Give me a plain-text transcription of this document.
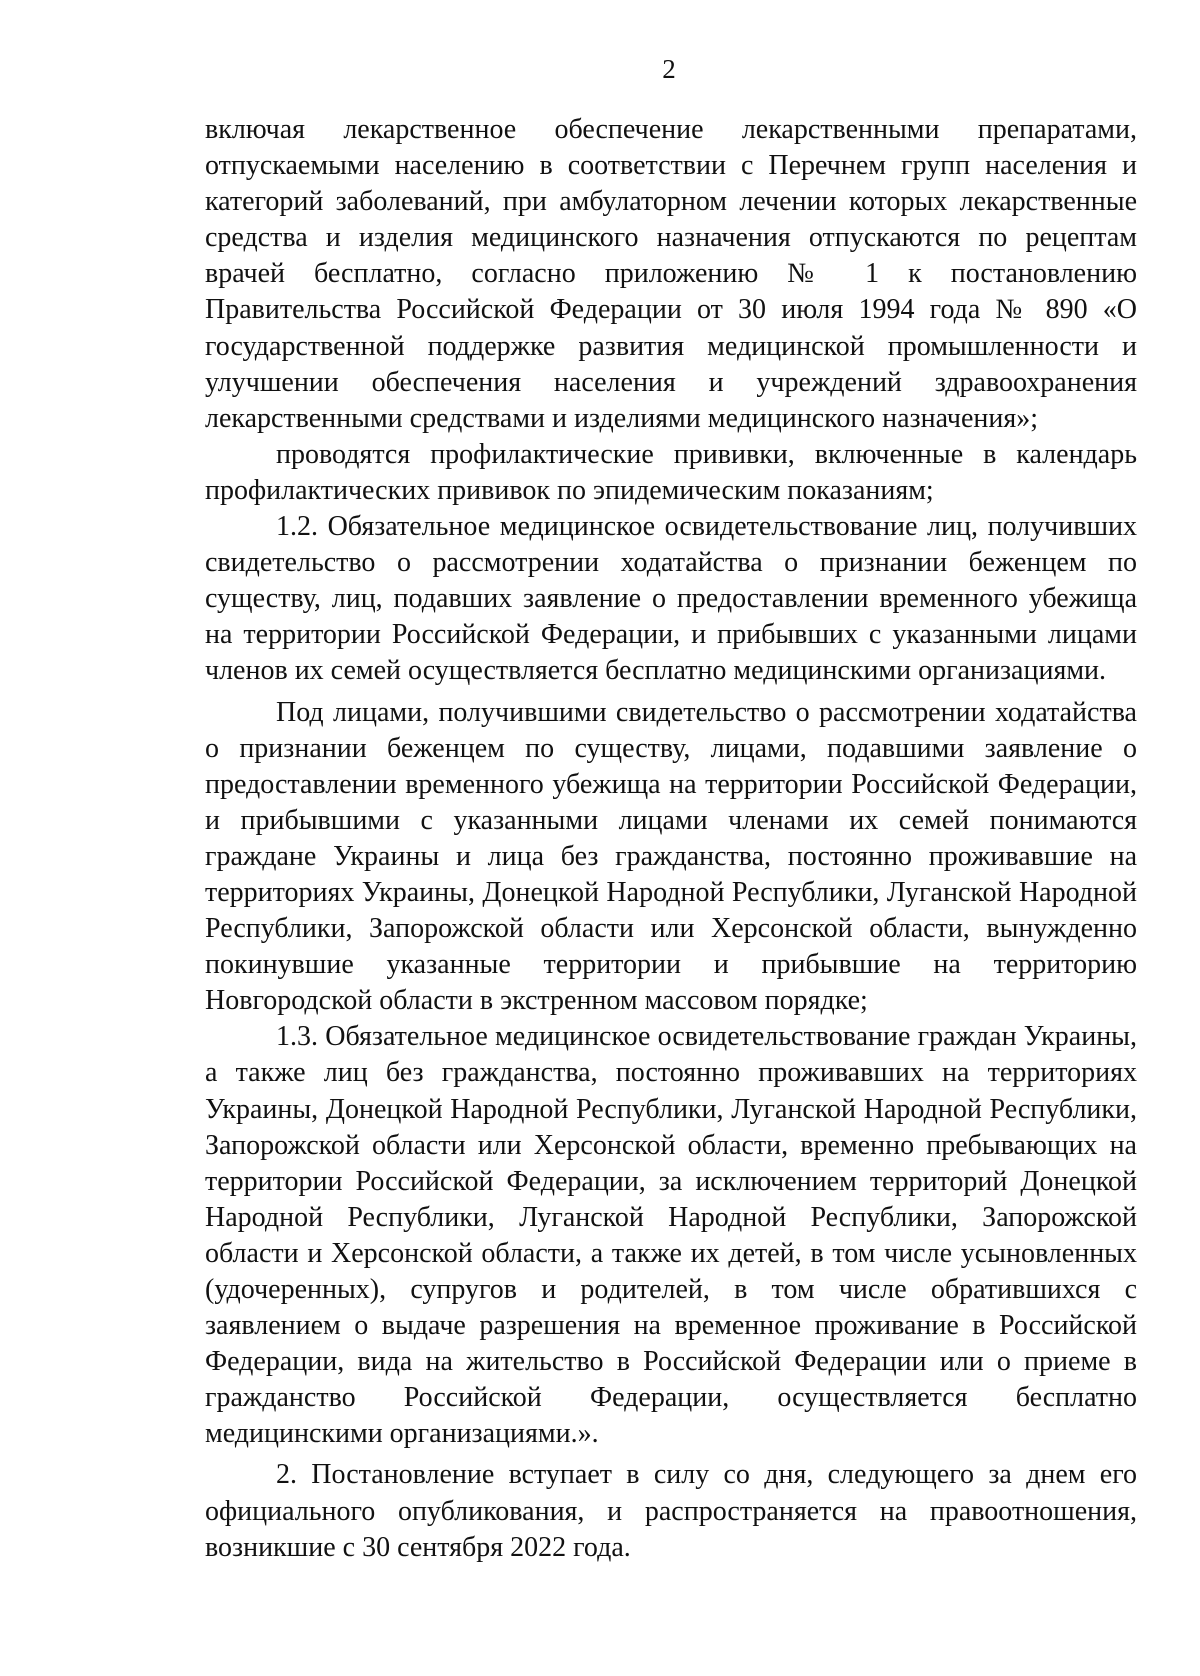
2

включая лекарственное обеспечение лекарственными препаратами, отпускаемыми населению в соответствии с Перечнем групп населения и категорий заболеваний, при амбулаторном лечении которых лекарственные средства и изделия медицинского назначения отпускаются по рецептам врачей бесплатно, согласно приложению № 1 к постановлению Правительства Российской Федерации от 30 июля 1994 года № 890 «О государственной поддержке развития медицинской промышленности и улучшении обеспечения населения и учреждений здравоохранения лекарственными средствами и изделиями медицинского назначения»;

проводятся профилактические прививки, включенные в календарь профилактических прививок по эпидемическим показаниям;

1.2. Обязательное медицинское освидетельствование лиц, получивших свидетельство о рассмотрении ходатайства о признании беженцем по существу, лиц, подавших заявление о предоставлении временного убежища на территории Российской Федерации, и прибывших с указанными лицами членов их семей осуществляется бесплатно медицинскими организациями.

Под лицами, получившими свидетельство о рассмотрении ходатайства о признании беженцем по существу, лицами, подавшими заявление о предоставлении временного убежища на территории Российской Федерации, и прибывшими с указанными лицами членами их семей понимаются граждане Украины и лица без гражданства, постоянно проживавшие на территориях Украины, Донецкой Народной Республики, Луганской Народной Республики, Запорожской области или Херсонской области, вынужденно покинувшие указанные территории и прибывшие на территорию Новгородской области в экстренном массовом порядке;

1.3. Обязательное медицинское освидетельствование граждан Украины, а также лиц без гражданства, постоянно проживавших на территориях Украины, Донецкой Народной Республики, Луганской Народной Республики, Запорожской области или Херсонской области, временно пребывающих на территории Российской Федерации, за исключением территорий Донецкой Народной Республики, Луганской Народной Республики, Запорожской области и Херсонской области, а также их детей, в том числе усыновленных (удочеренных), супругов и родителей, в том числе обратившихся с заявлением о выдаче разрешения на временное проживание в Российской Федерации, вида на жительство в Российской Федерации или о приеме в гражданство Российской Федерации, осуществляется бесплатно медицинскими организациями.».

2. Постановление вступает в силу со дня, следующего за днем его официального опубликования, и распространяется на правоотношения, возникшие с 30 сентября 2022 года.
